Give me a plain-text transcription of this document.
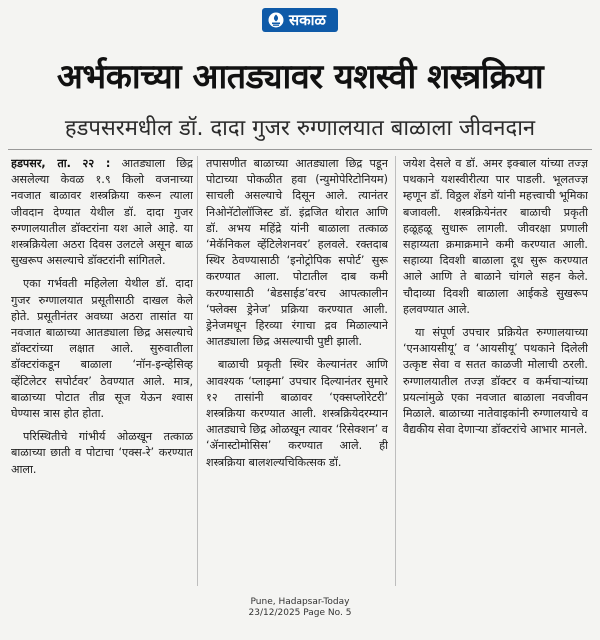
सकाळ
अर्भकाच्या आतड्यावर यशस्वी शस्त्रक्रिया
हडपसरमधील डॉ. दादा गुजर रुग्णालयात बाळाला जीवनदान

हडपसर, ता. २२ : आतड्याला छिद्र असलेल्या केवळ १.९ किलो वजनाच्या नवजात बाळावर शस्त्रक्रिया करून त्याला जीवदान देण्यात येथील डॉ. दादा गुजर रुग्णालयातील डॉक्टरांना यश आले आहे. या शस्त्रक्रियेला अठरा दिवस उलटले असून बाळ सुखरूप असल्याचे डॉक्टरांनी सांगितले.

एका गर्भवती महिलेला येथील डॉ. दादा गुजर रुग्णालयात प्रसूतीसाठी दाखल केले होते. प्रसूतीनंतर अवघ्या अठरा तासांत या नवजात बाळाच्या आतड्याला छिद्र असल्याचे डॉक्टरांच्या लक्षात आले. सुरुवातीला डॉक्टरांकडून बाळाला ‘नॉन-इन्व्हेसिव्ह व्हेंटिलेटर सपोर्टवर’ ठेवण्यात आले. मात्र, बाळाच्या पोटात तीव्र सूज येऊन श्वास घेण्यास त्रास होत होता.

परिस्थितीचे गांभीर्य ओळखून तत्काळ बाळाच्या छाती व पोटाचा ‘एक्स-रे’ करण्यात आला.

तपासणीत बाळाच्या आतड्याला छिद्र पडून पोटाच्या पोकळीत हवा (न्युमोपेरिटोनियम) साचली असल्याचे दिसून आले. त्यानंतर निओनॅटोलॉजिस्ट डॉ. इंद्रजित थोरात आणि डॉ. अभय महिंद्रे यांनी बाळाला तत्काळ ‘मेकॅनिकल व्हेंटिलेशनवर’ हलवले. रक्तदाब स्थिर ठेवण्यासाठी ‘इनोट्रोपिक सपोर्ट’ सुरू करण्यात आला. पोटातील दाब कमी करण्यासाठी ‘बेडसाईड’वरच आपत्कालीन ‘फ्लेक्स ड्रेनेज’ प्रक्रिया करण्यात आली. ड्रेनेजमधून हिरव्या रंगाचा द्रव मिळाल्याने आतड्याला छिद्र असल्याची पुष्टी झाली.

बाळाची प्रकृती स्थिर केल्यानंतर आणि आवश्यक ‘प्लाझ्मा’ उपचार दिल्यानंतर सुमारे १२ तासांनी बाळावर ‘एक्सप्लोरेटरी’ शस्त्रक्रिया करण्यात आली. शस्त्रक्रियेदरम्यान आतड्याचे छिद्र ओळखून त्यावर ‘रिसेक्शन’ व ‘ॲनास्टोमोसिस’ करण्यात आले. ही शस्त्रक्रिया बालशल्यचिकित्सक डॉ.

जयेश देसले व डॉ. अमर इक्बाल यांच्या तज्ज्ञ पथकाने यशस्वीरीत्या पार पाडली. भूलतज्ज्ञ म्हणून डॉ. विठ्ठल शेंडगे यांनी महत्त्वाची भूमिका बजावली. शस्त्रक्रियेनंतर बाळाची प्रकृती हळूहळू सुधारू लागली. जीवरक्षा प्रणाली सहाय्यता क्रमाक्रमाने कमी करण्यात आली. सहाव्या दिवशी बाळाला दूध सुरू करण्यात आले आणि ते बाळाने चांगले सहन केले. चौदाव्या दिवशी बाळाला आईकडे सुखरूप हलवण्यात आले.

या संपूर्ण उपचार प्रक्रियेत रुग्णालयाच्या ‘एनआयसीयू’ व ‘आयसीयू’ पथकाने दिलेली उत्कृष्ट सेवा व सतत काळजी मोलाची ठरली. रुग्णालयातील तज्ज्ञ डॉक्टर व कर्मचाऱ्यांच्या प्रयत्नांमुळे एका नवजात बाळाला नवजीवन मिळाले. बाळाच्या नातेवाइकांनी रुग्णालयाचे व वैद्यकीय सेवा देणाऱ्या डॉक्टरांचे आभार मानले.

Pune, Hadapsar-Today
23/12/2025 Page No. 5
